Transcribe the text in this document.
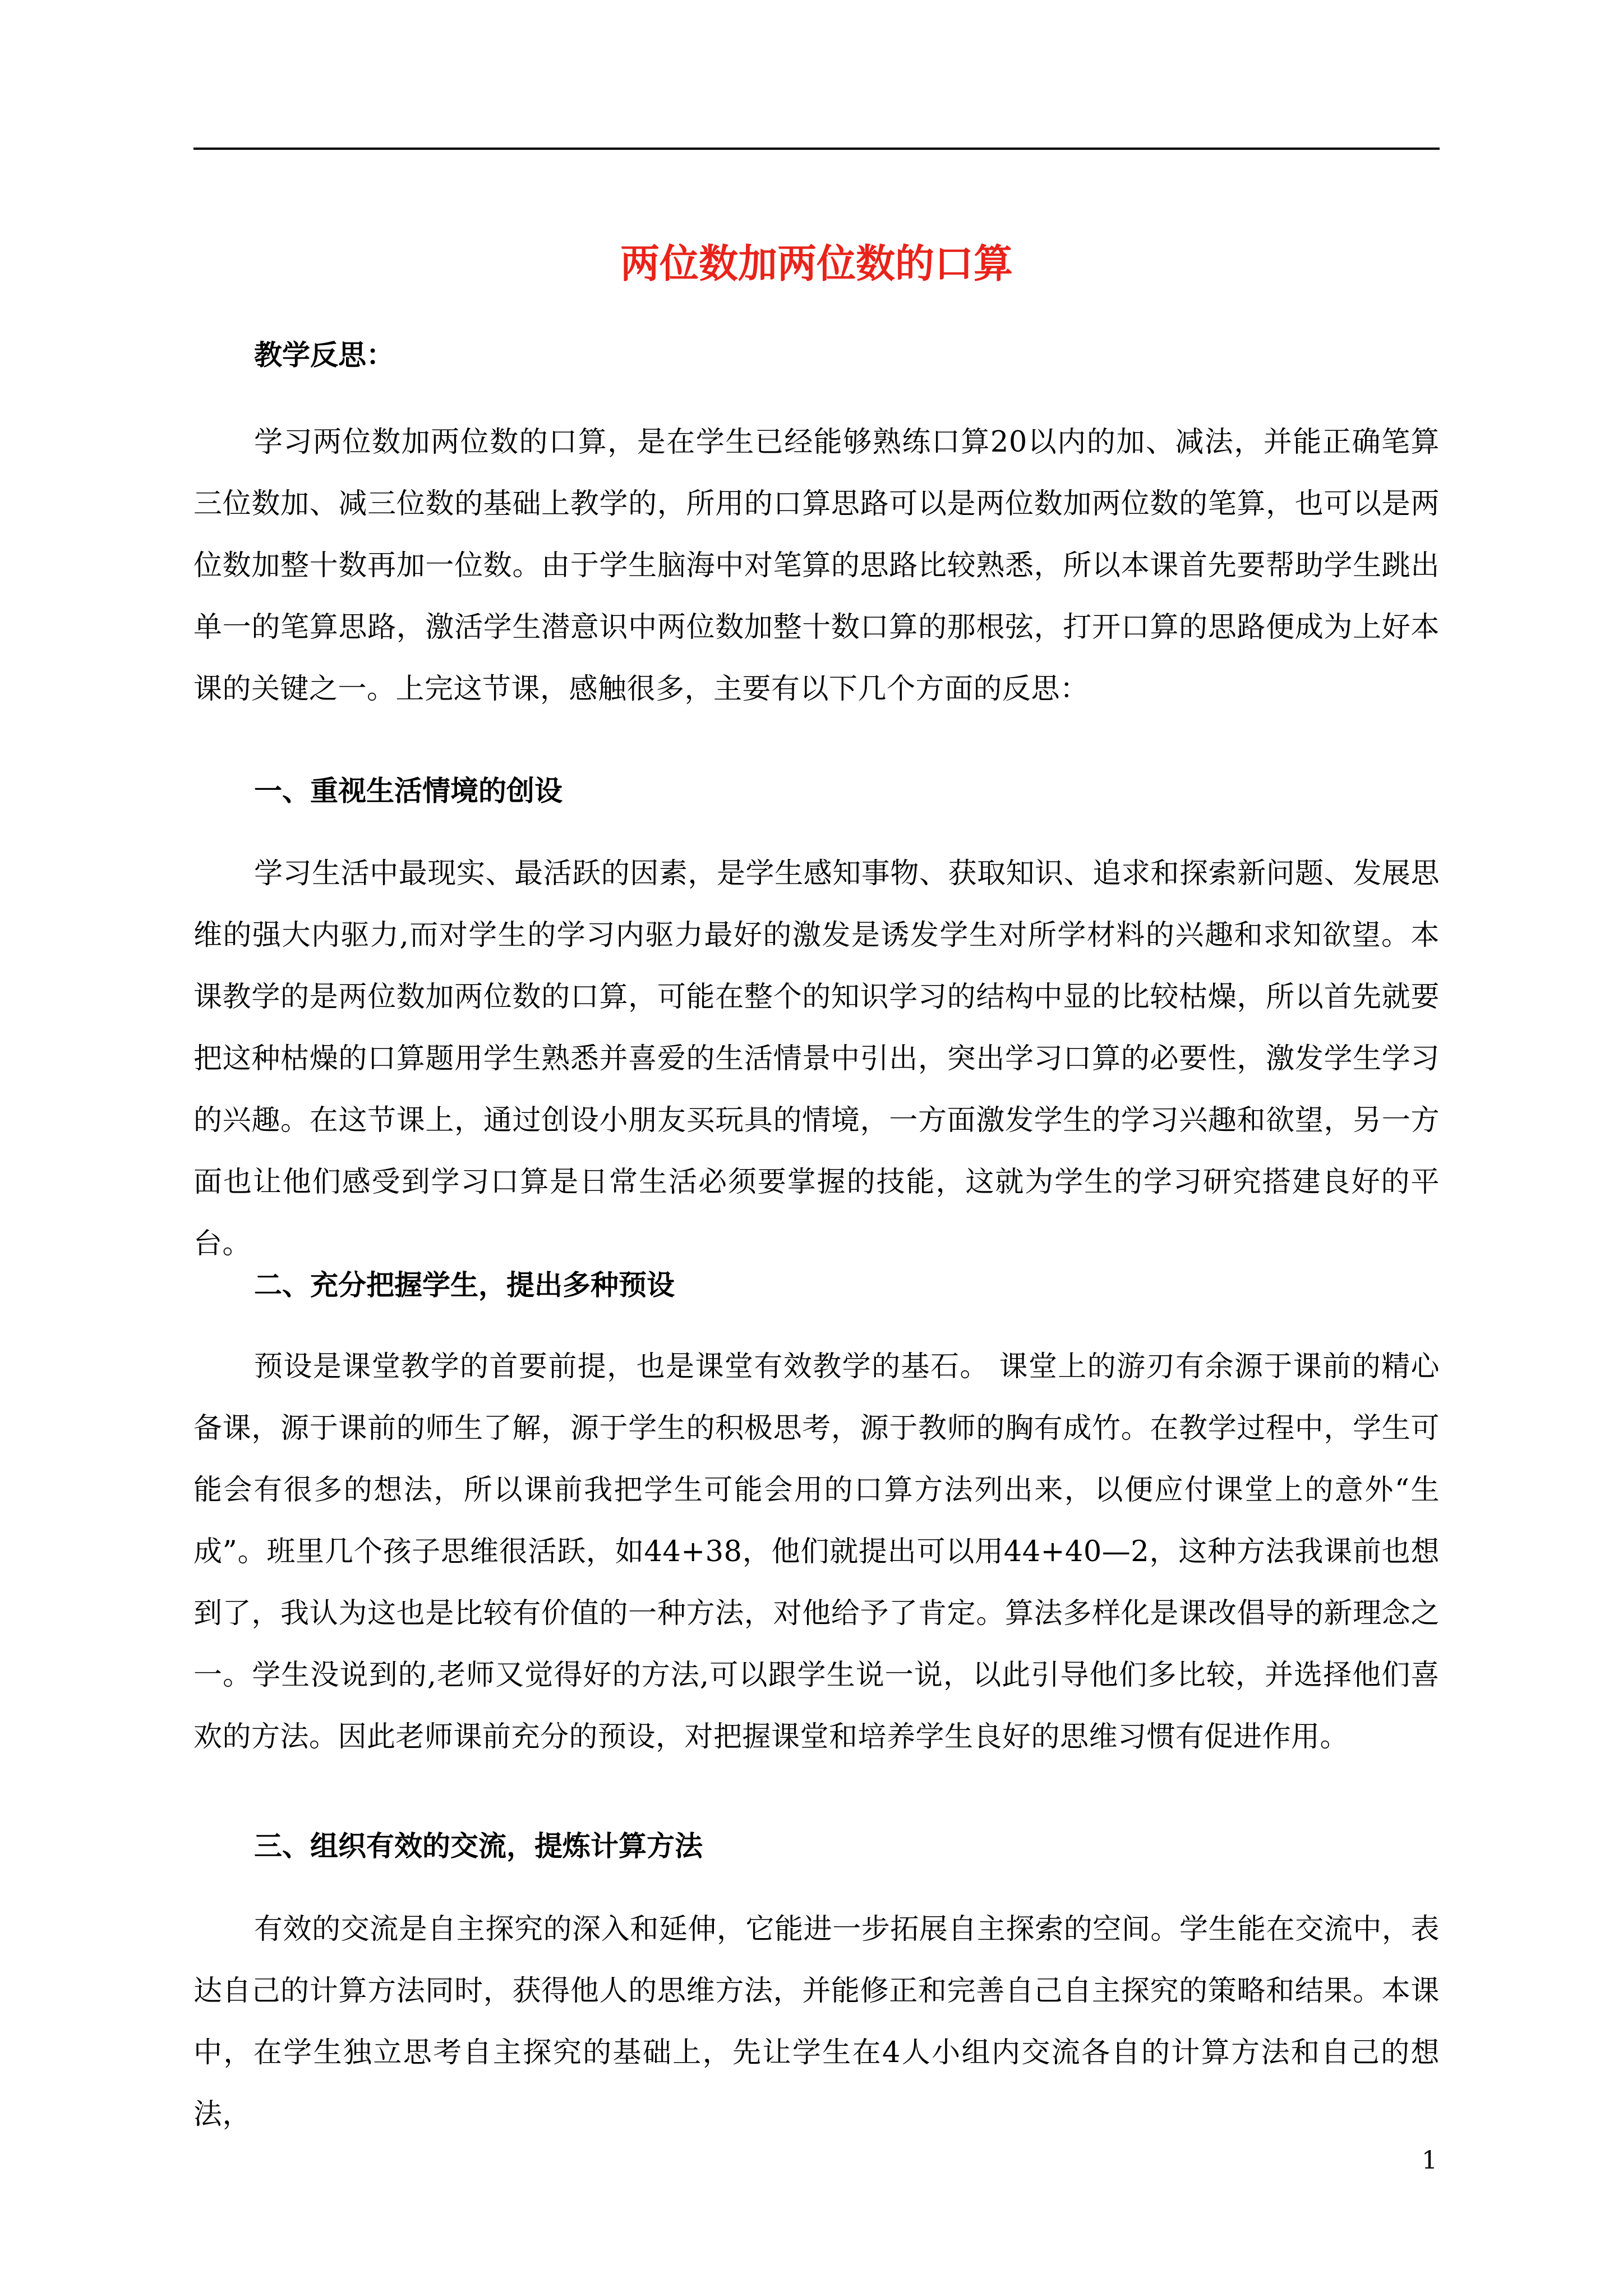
两位数加两位数的口算

教学反思：

学习两位数加两位数的口算，是在学生已经能够熟练口算20以内的加、减法，并能正确笔算三位数加、减三位数的基础上教学的，所用的口算思路可以是两位数加两位数的笔算，也可以是两位数加整十数再加一位数。由于学生脑海中对笔算的思路比较熟悉，所以本课首先要帮助学生跳出单一的笔算思路，激活学生潜意识中两位数加整十数口算的那根弦，打开口算的思路便成为上好本课的关键之一。上完这节课，感触很多，主要有以下几个方面的反思：

一、重视生活情境的创设

学习生活中最现实、最活跃的因素，是学生感知事物、获取知识、追求和探索新问题、发展思维的强大内驱力,而对学生的学习内驱力最好的激发是诱发学生对所学材料的兴趣和求知欲望。本课教学的是两位数加两位数的口算，可能在整个的知识学习的结构中显的比较枯燥，所以首先就要把这种枯燥的口算题用学生熟悉并喜爱的生活情景中引出，突出学习口算的必要性，激发学生学习的兴趣。在这节课上，通过创设小朋友买玩具的情境，一方面激发学生的学习兴趣和欲望，另一方面也让他们感受到学习口算是日常生活必须要掌握的技能，这就为学生的学习研究搭建良好的平台。

二、充分把握学生，提出多种预设

预设是课堂教学的首要前提，也是课堂有效教学的基石。 课堂上的游刃有余源于课前的精心备课，源于课前的师生了解，源于学生的积极思考，源于教师的胸有成竹。在教学过程中，学生可能会有很多的想法，所以课前我把学生可能会用的口算方法列出来，以便应付课堂上的意外“生成”。班里几个孩子思维很活跃，如44+38，他们就提出可以用44+40—2，这种方法我课前也想到了，我认为这也是比较有价值的一种方法，对他给予了肯定。算法多样化是课改倡导的新理念之一。学生没说到的,老师又觉得好的方法,可以跟学生说一说，以此引导他们多比较，并选择他们喜欢的方法。因此老师课前充分的预设，对把握课堂和培养学生良好的思维习惯有促进作用。

三、组织有效的交流，提炼计算方法

有效的交流是自主探究的深入和延伸，它能进一步拓展自主探索的空间。学生能在交流中，表达自己的计算方法同时，获得他人的思维方法，并能修正和完善自己自主探究的策略和结果。本课中，在学生独立思考自主探究的基础上，先让学生在4人小组内交流各自的计算方法和自己的想法，

1
